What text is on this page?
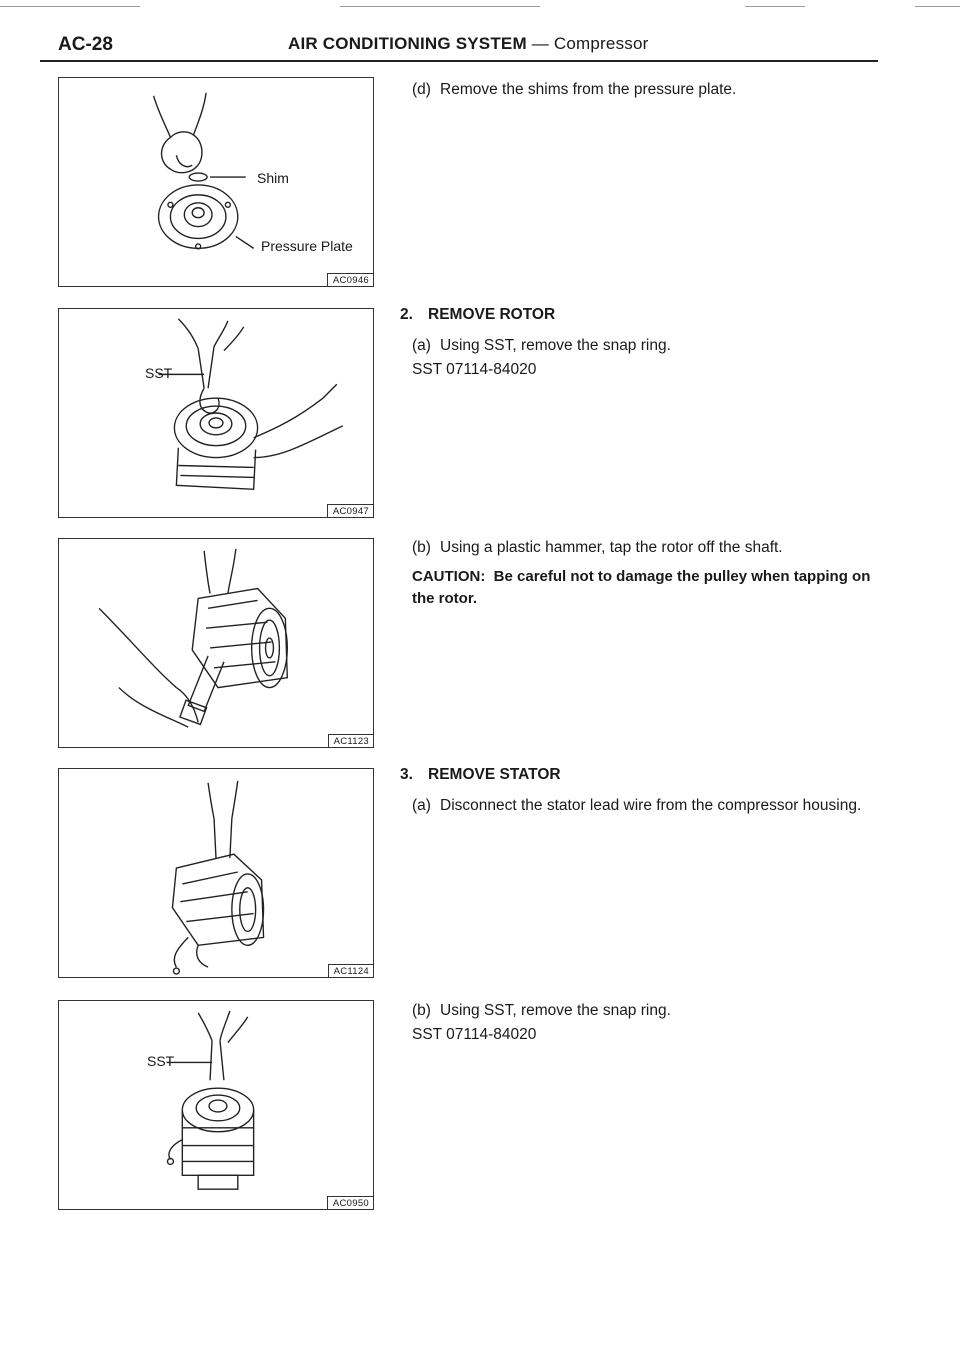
AC-28	AIR CONDITIONING SYSTEM — Compressor
Shim
Pressure Plate
AC0946
SST
AC0947
AC1123
AC1124
SST
AC0950
(d) Remove the shims from the pressure plate.
2. REMOVE ROTOR
(a) Using SST, remove the snap ring.
SST 07114-84020
(b) Using a plastic hammer, tap the rotor off the shaft.
CAUTION: Be careful not to damage the pulley when tapping on the rotor.
3. REMOVE STATOR
(a) Disconnect the stator lead wire from the compressor housing.
(b) Using SST, remove the snap ring.
SST 07114-84020
